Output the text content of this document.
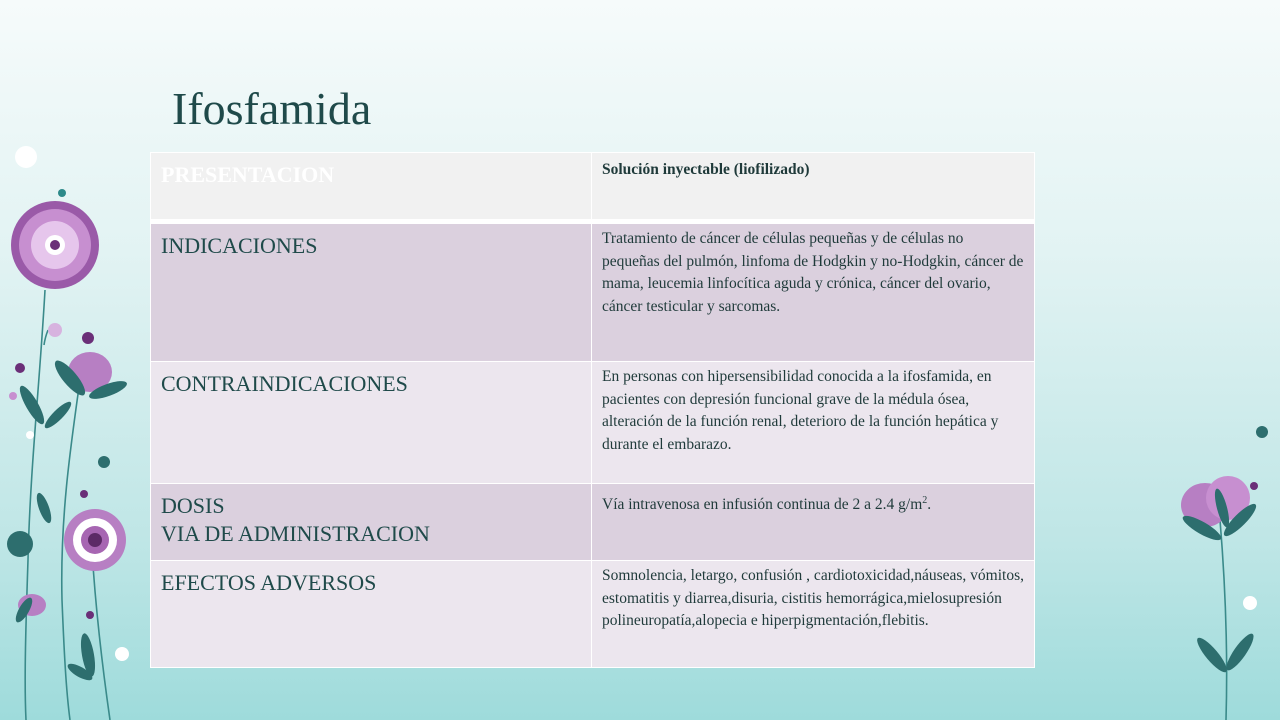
Ifosfamida
PRESENTACION	Solución inyectable (liofilizado)

INDICACIONES	Tratamiento de cáncer de células pequeñas y de células no pequeñas del pulmón, linfoma de Hodgkin y no-Hodgkin, cáncer de mama, leucemia linfocítica aguda y crónica, cáncer del ovario, cáncer testicular y sarcomas.

CONTRAINDICACIONES	En personas con hipersensibilidad conocida a la ifosfamida, en pacientes con depresión funcional grave de la médula ósea, alteración de la función renal, deterioro de la función hepática y durante el embarazo.

DOSIS
VIA DE ADMINISTRACION	Vía intravenosa en infusión continua de 2 a 2.4 $g/m^2$.

EFECTOS ADVERSOS	Somnolencia, letargo, confusión , cardiotoxicidad,náuseas, vómitos, estomatitis y diarrea,disuria, cistitis hemorrágica,mielosupresión polineuropatía,alopecia e hiperpigmentación,flebitis.
